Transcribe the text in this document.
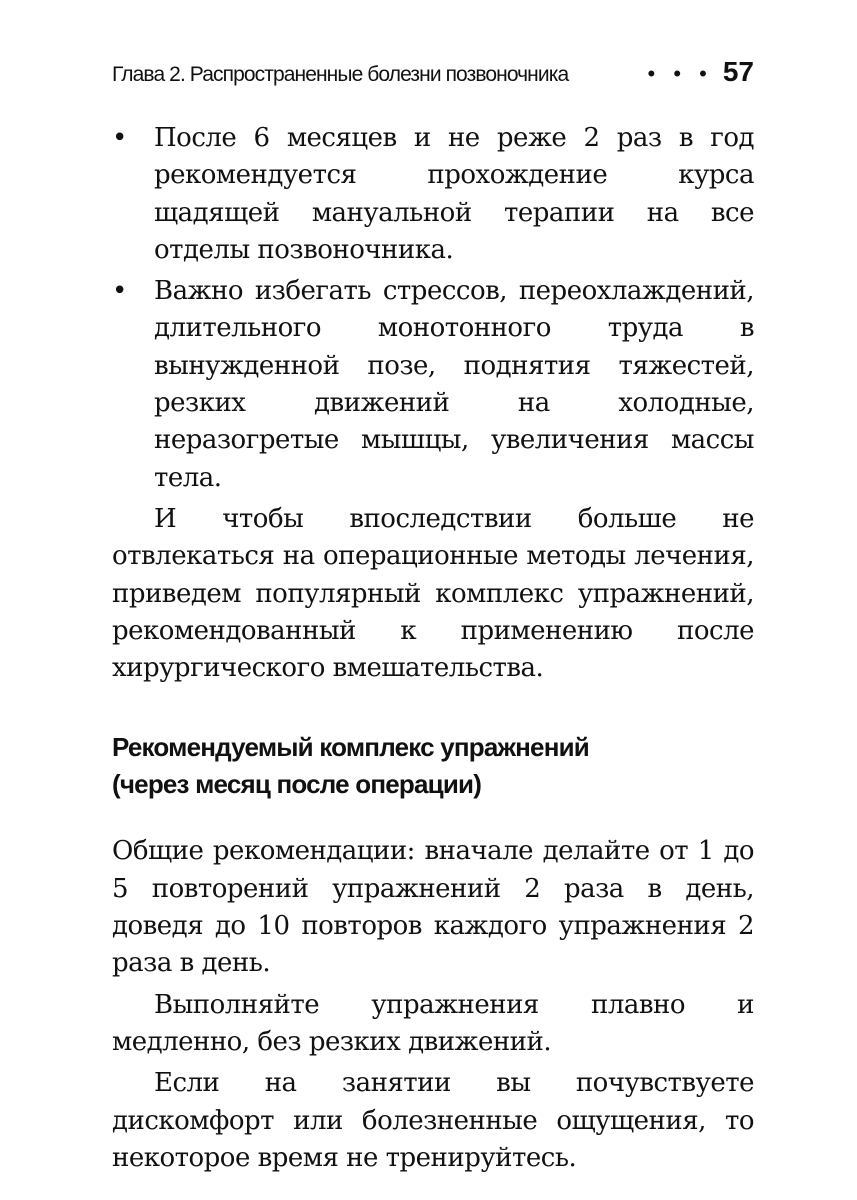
Глава 2. Распространенные болезни позвоночника	• • • 57
• После 6 месяцев и не реже 2 раз в год рекомендуется прохождение курса щадящей мануальной терапии на все отделы позвоночника.
• Важно избегать стрессов, переохлаждений, длительного монотонного труда в вынужденной позе, поднятия тяжестей, резких движений на холодные, неразогретые мышцы, увеличения массы тела.

И чтобы впоследствии больше не отвлекаться на операционные методы лечения, приведем популярный комплекс упражнений, рекомендованный к применению после хирургического вмешательства.

Рекомендуемый комплекс упражнений
(через месяц после операции)

Общие рекомендации: вначале делайте от 1 до 5 повторений упражнений 2 раза в день, доведя до 10 повторов каждого упражнения 2 раза в день.

Выполняйте упражнения плавно и медленно, без резких движений.

Если на занятии вы почувствуете дискомфорт или болезненные ощущения, то некоторое время не тренируйтесь.
